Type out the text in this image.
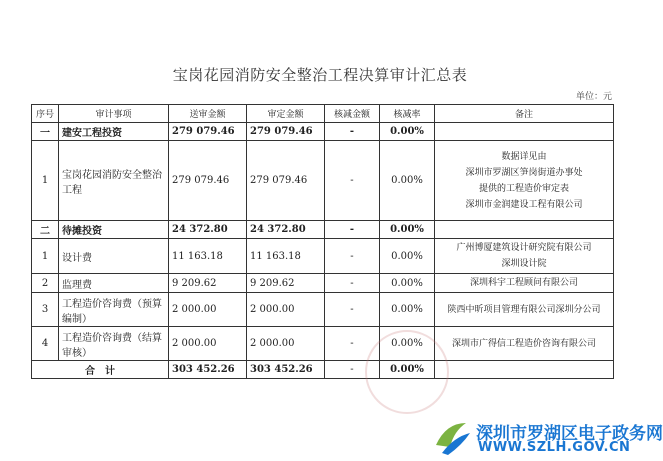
宝岗花园消防安全整治工程决算审计汇总表
单位：元
序号	审计事项	送审金额	审定金额	核减金额	核减率	备注
一	建安工程投资	279 079.46	279 079.46	-	0.00%	
1	宝岗花园消防安全整治工程	279 079.46	279 079.46	-	0.00%	数据详见由
深圳市罗湖区笋岗街道办事处
提供的工程造价审定表
深圳市金润建设工程有限公司

二	待摊投资	24 372.80	24 372.80	-	0.00%	
1	设计费	11 163.18	11 163.18	-	0.00%	广州博厦建筑设计研究院有限公司
深圳设计院

2	监理费	9 209.62	9 209.62	-	0.00%	深圳科宇工程顾问有限公司

3	工程造价咨询费（预算编制）	2 000.00	2 000.00	-	0.00%	陕西中昕项目管理有限公司深圳分公司

4	工程造价咨询费（结算审核）	2 000.00	2 000.00	-	0.00%	深圳市广得信工程造价咨询有限公司

合　计		303 452.26	303 452.26	-	0.00%	
深圳市罗湖区电子政务网
WWW.SZLH.GOV.CN
